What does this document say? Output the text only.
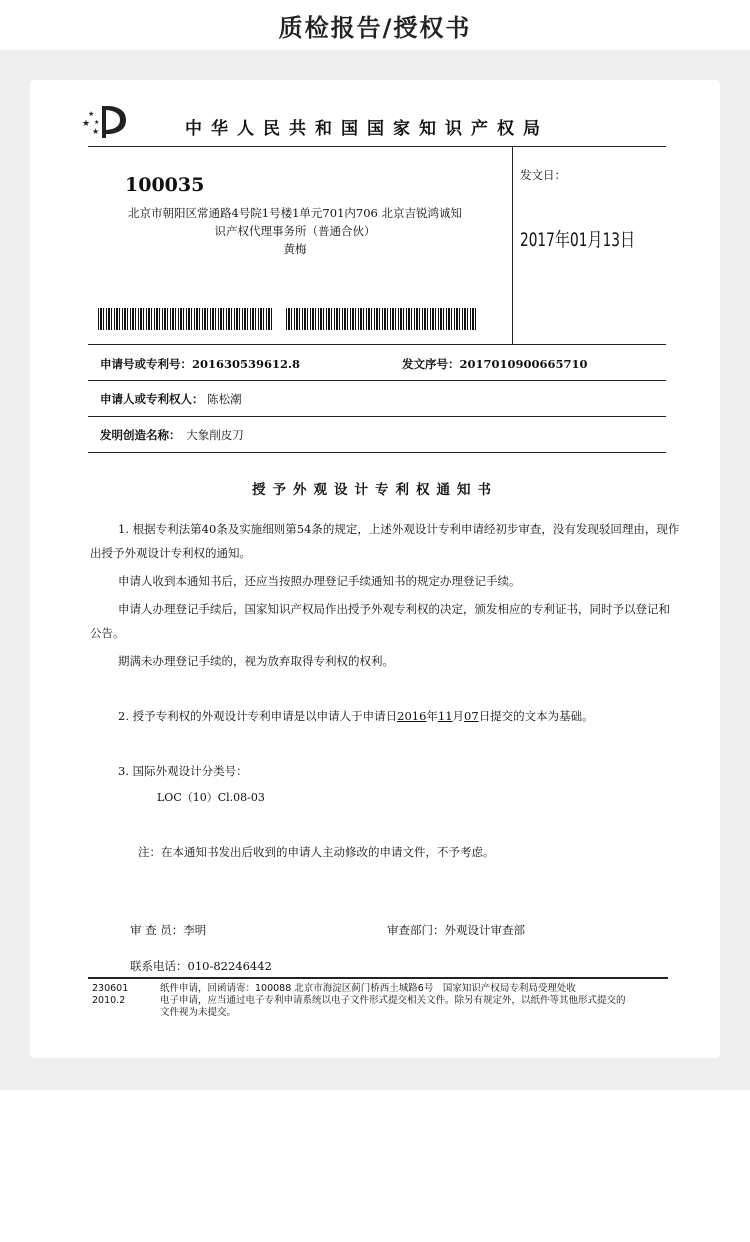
质检报告/授权书
★
★
★
★	中华人民共和国国家知识产权局
100035
北京市朝阳区常通路4号院1号楼1单元701内706 北京吉锐鸿诚知
识产权代理事务所（普通合伙）
黄梅
发文日：
2017年01月13日
申请号或专利号：201630539612.8	发文序号：2017010900665710
申请人或专利权人： 陈松潮
发明创造名称：　 大象削皮刀
授予外观设计专利权通知书
1. 根据专利法第40条及实施细则第54条的规定，上述外观设计专利申请经初步审查，没有发现驳回理由，现作
出授予外观设计专利权的通知。
申请人收到本通知书后，还应当按照办理登记手续通知书的规定办理登记手续。
申请人办理登记手续后，国家知识产权局作出授予外观专利权的决定，颁发相应的专利证书，同时予以登记和
公告。
期满未办理登记手续的，视为放弃取得专利权的权利。
2. 授予专利权的外观设计专利申请是以申请人于申请日2016年11月07日提交的文本为基础。
3. 国际外观设计分类号：
LOC（10）Cl.08-03
注：在本通知书发出后收到的申请人主动修改的申请文件，不予考虑。
审 查 员：李明	审查部门：外观设计审查部
联系电话：010-82246442
230601
2010.2
纸件申请，回函请寄：100088 北京市海淀区蓟门桥西土城路6号　国家知识产权局专利局受理处收
电子申请，应当通过电子专利申请系统以电子文件形式提交相关文件。除另有规定外，以纸件等其他形式提交的
文件视为未提交。
